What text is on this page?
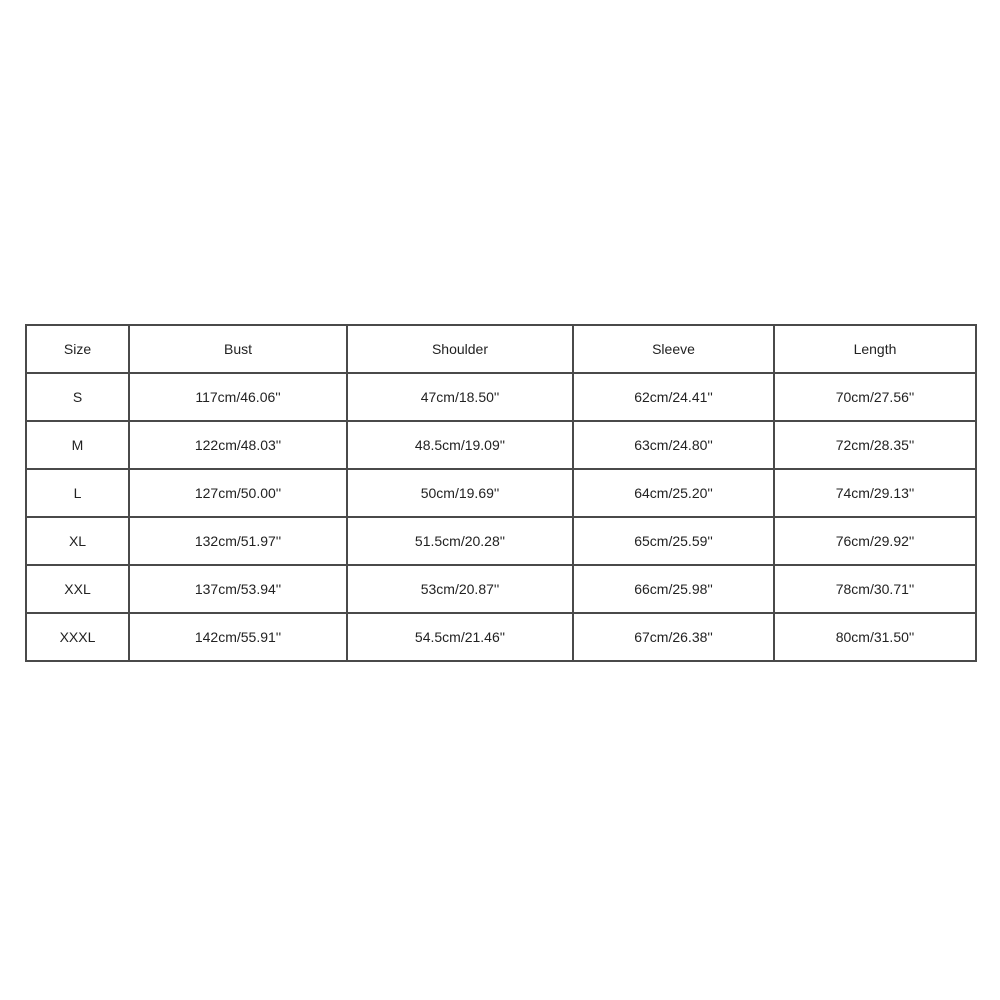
Size	Bust	Shoulder	Sleeve	Length
S	117cm/46.06''	47cm/18.50''	62cm/24.41''	70cm/27.56''
M	122cm/48.03''	48.5cm/19.09''	63cm/24.80''	72cm/28.35''
L	127cm/50.00''	50cm/19.69''	64cm/25.20''	74cm/29.13''
XL	132cm/51.97''	51.5cm/20.28''	65cm/25.59''	76cm/29.92''
XXL	137cm/53.94''	53cm/20.87''	66cm/25.98''	78cm/30.71''
XXXL	142cm/55.91''	54.5cm/21.46''	67cm/26.38''	80cm/31.50''
